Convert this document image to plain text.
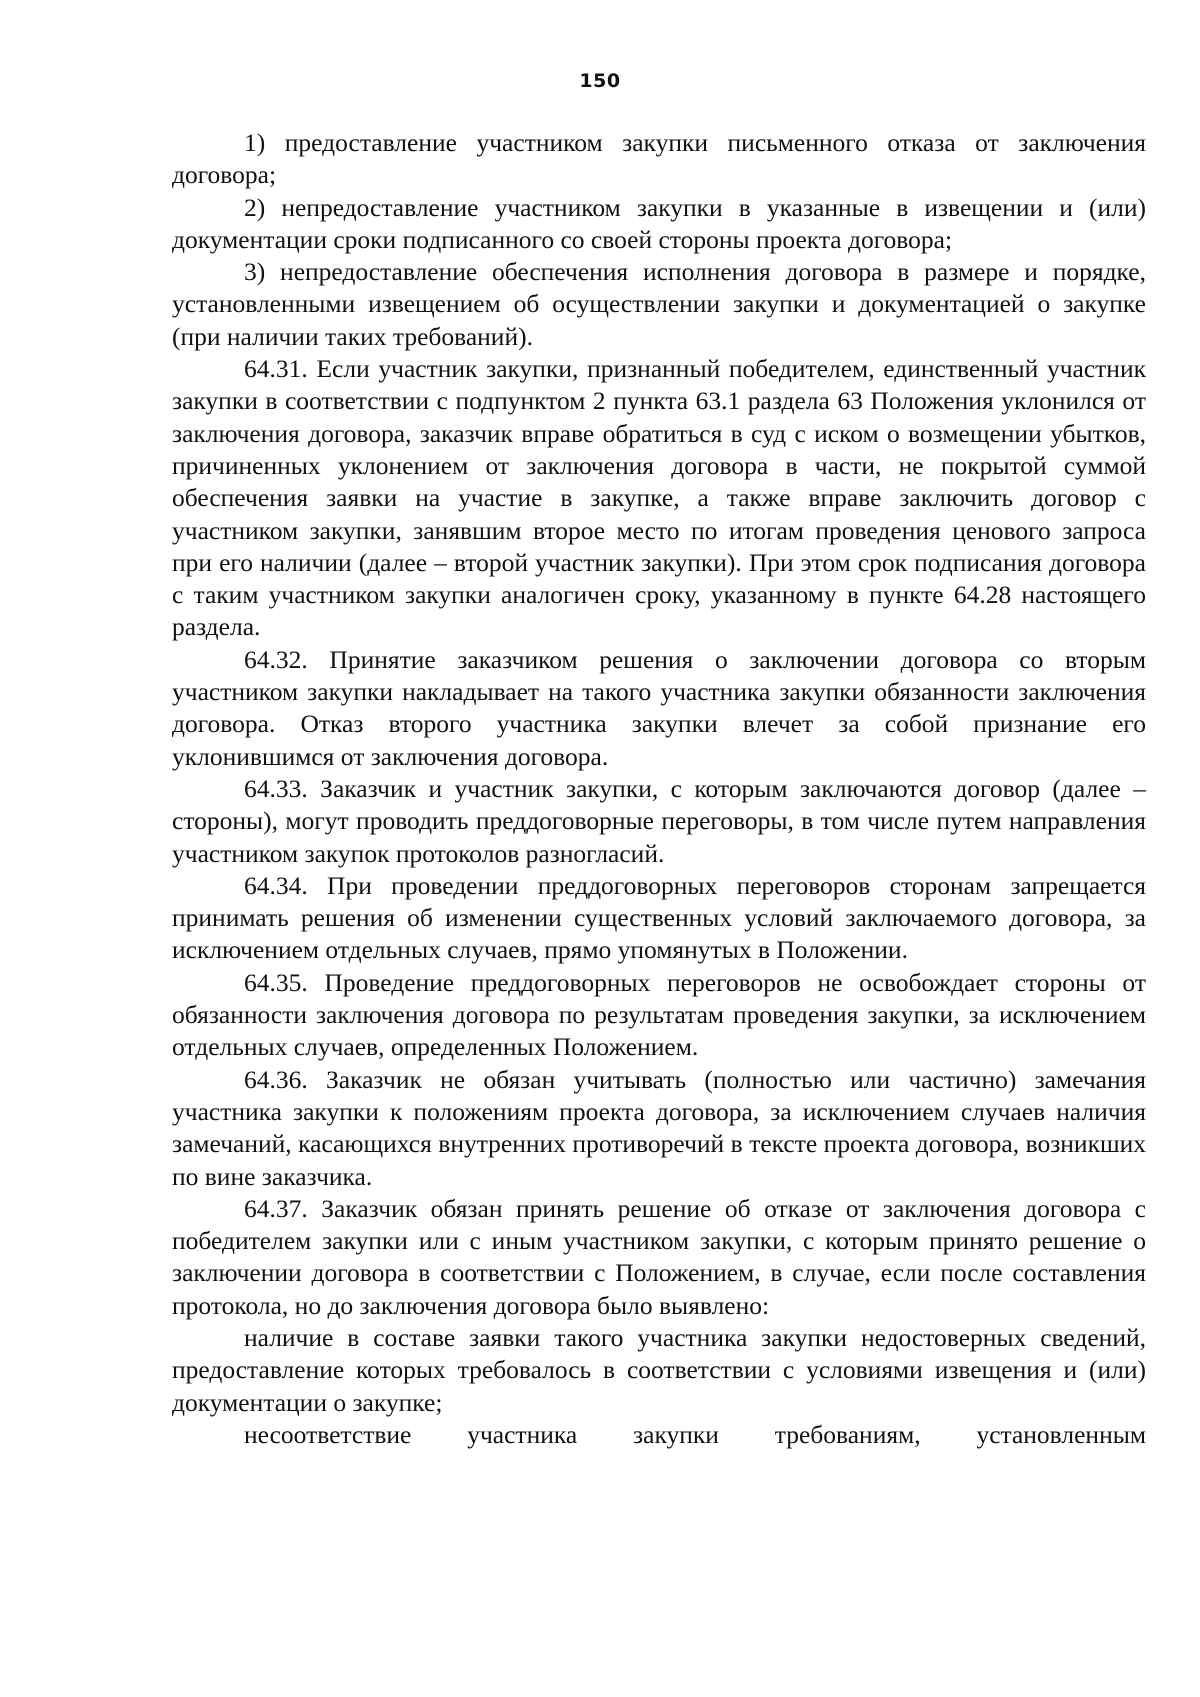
150

1) предоставление участником закупки письменного отказа от заключения договора;

2) непредоставление участником закупки в указанные в извещении и (или) документации сроки подписанного со своей стороны проекта договора;

3) непредоставление обеспечения исполнения договора в размере и порядке, установленными извещением об осуществлении закупки и документацией о закупке (при наличии таких требований).

64.31. Если участник закупки, признанный победителем, единственный участник закупки в соответствии с подпунктом 2 пункта 63.1 раздела 63 Положения уклонился от заключения договора, заказчик вправе обратиться в суд с иском о возмещении убытков, причиненных уклонением от заключения договора в части, не покрытой суммой обеспечения заявки на участие в закупке, а также вправе заключить договор с участником закупки, занявшим второе место по итогам проведения ценового запроса при его наличии (далее – второй участник закупки). При этом срок подписания договора с таким участником закупки аналогичен сроку, указанному в пункте 64.28 настоящего раздела.

64.32. Принятие заказчиком решения о заключении договора со вторым участником закупки накладывает на такого участника закупки обязанности заключения договора. Отказ второго участника закупки влечет за собой признание его уклонившимся от заключения договора.

64.33. Заказчик и участник закупки, с которым заключаются договор (далее – стороны), могут проводить преддоговорные переговоры, в том числе путем направления участником закупок протоколов разногласий.

64.34. При проведении преддоговорных переговоров сторонам запрещается принимать решения об изменении существенных условий заключаемого договора, за исключением отдельных случаев, прямо упомянутых в Положении.

64.35. Проведение преддоговорных переговоров не освобождает стороны от обязанности заключения договора по результатам проведения закупки, за исключением отдельных случаев, определенных Положением.

64.36. Заказчик не обязан учитывать (полностью или частично) замечания участника закупки к положениям проекта договора, за исключением случаев наличия замечаний, касающихся внутренних противоречий в тексте проекта договора, возникших по вине заказчика.

64.37. Заказчик обязан принять решение об отказе от заключения договора с победителем закупки или с иным участником закупки, с которым принято решение о заключении договора в соответствии с Положением, в случае, если после составления протокола, но до заключения договора было выявлено:

наличие в составе заявки такого участника закупки недостоверных сведений, предоставление которых требовалось в соответствии с условиями извещения и (или) документации о закупке;

несоответствие участника закупки требованиям, установленным
